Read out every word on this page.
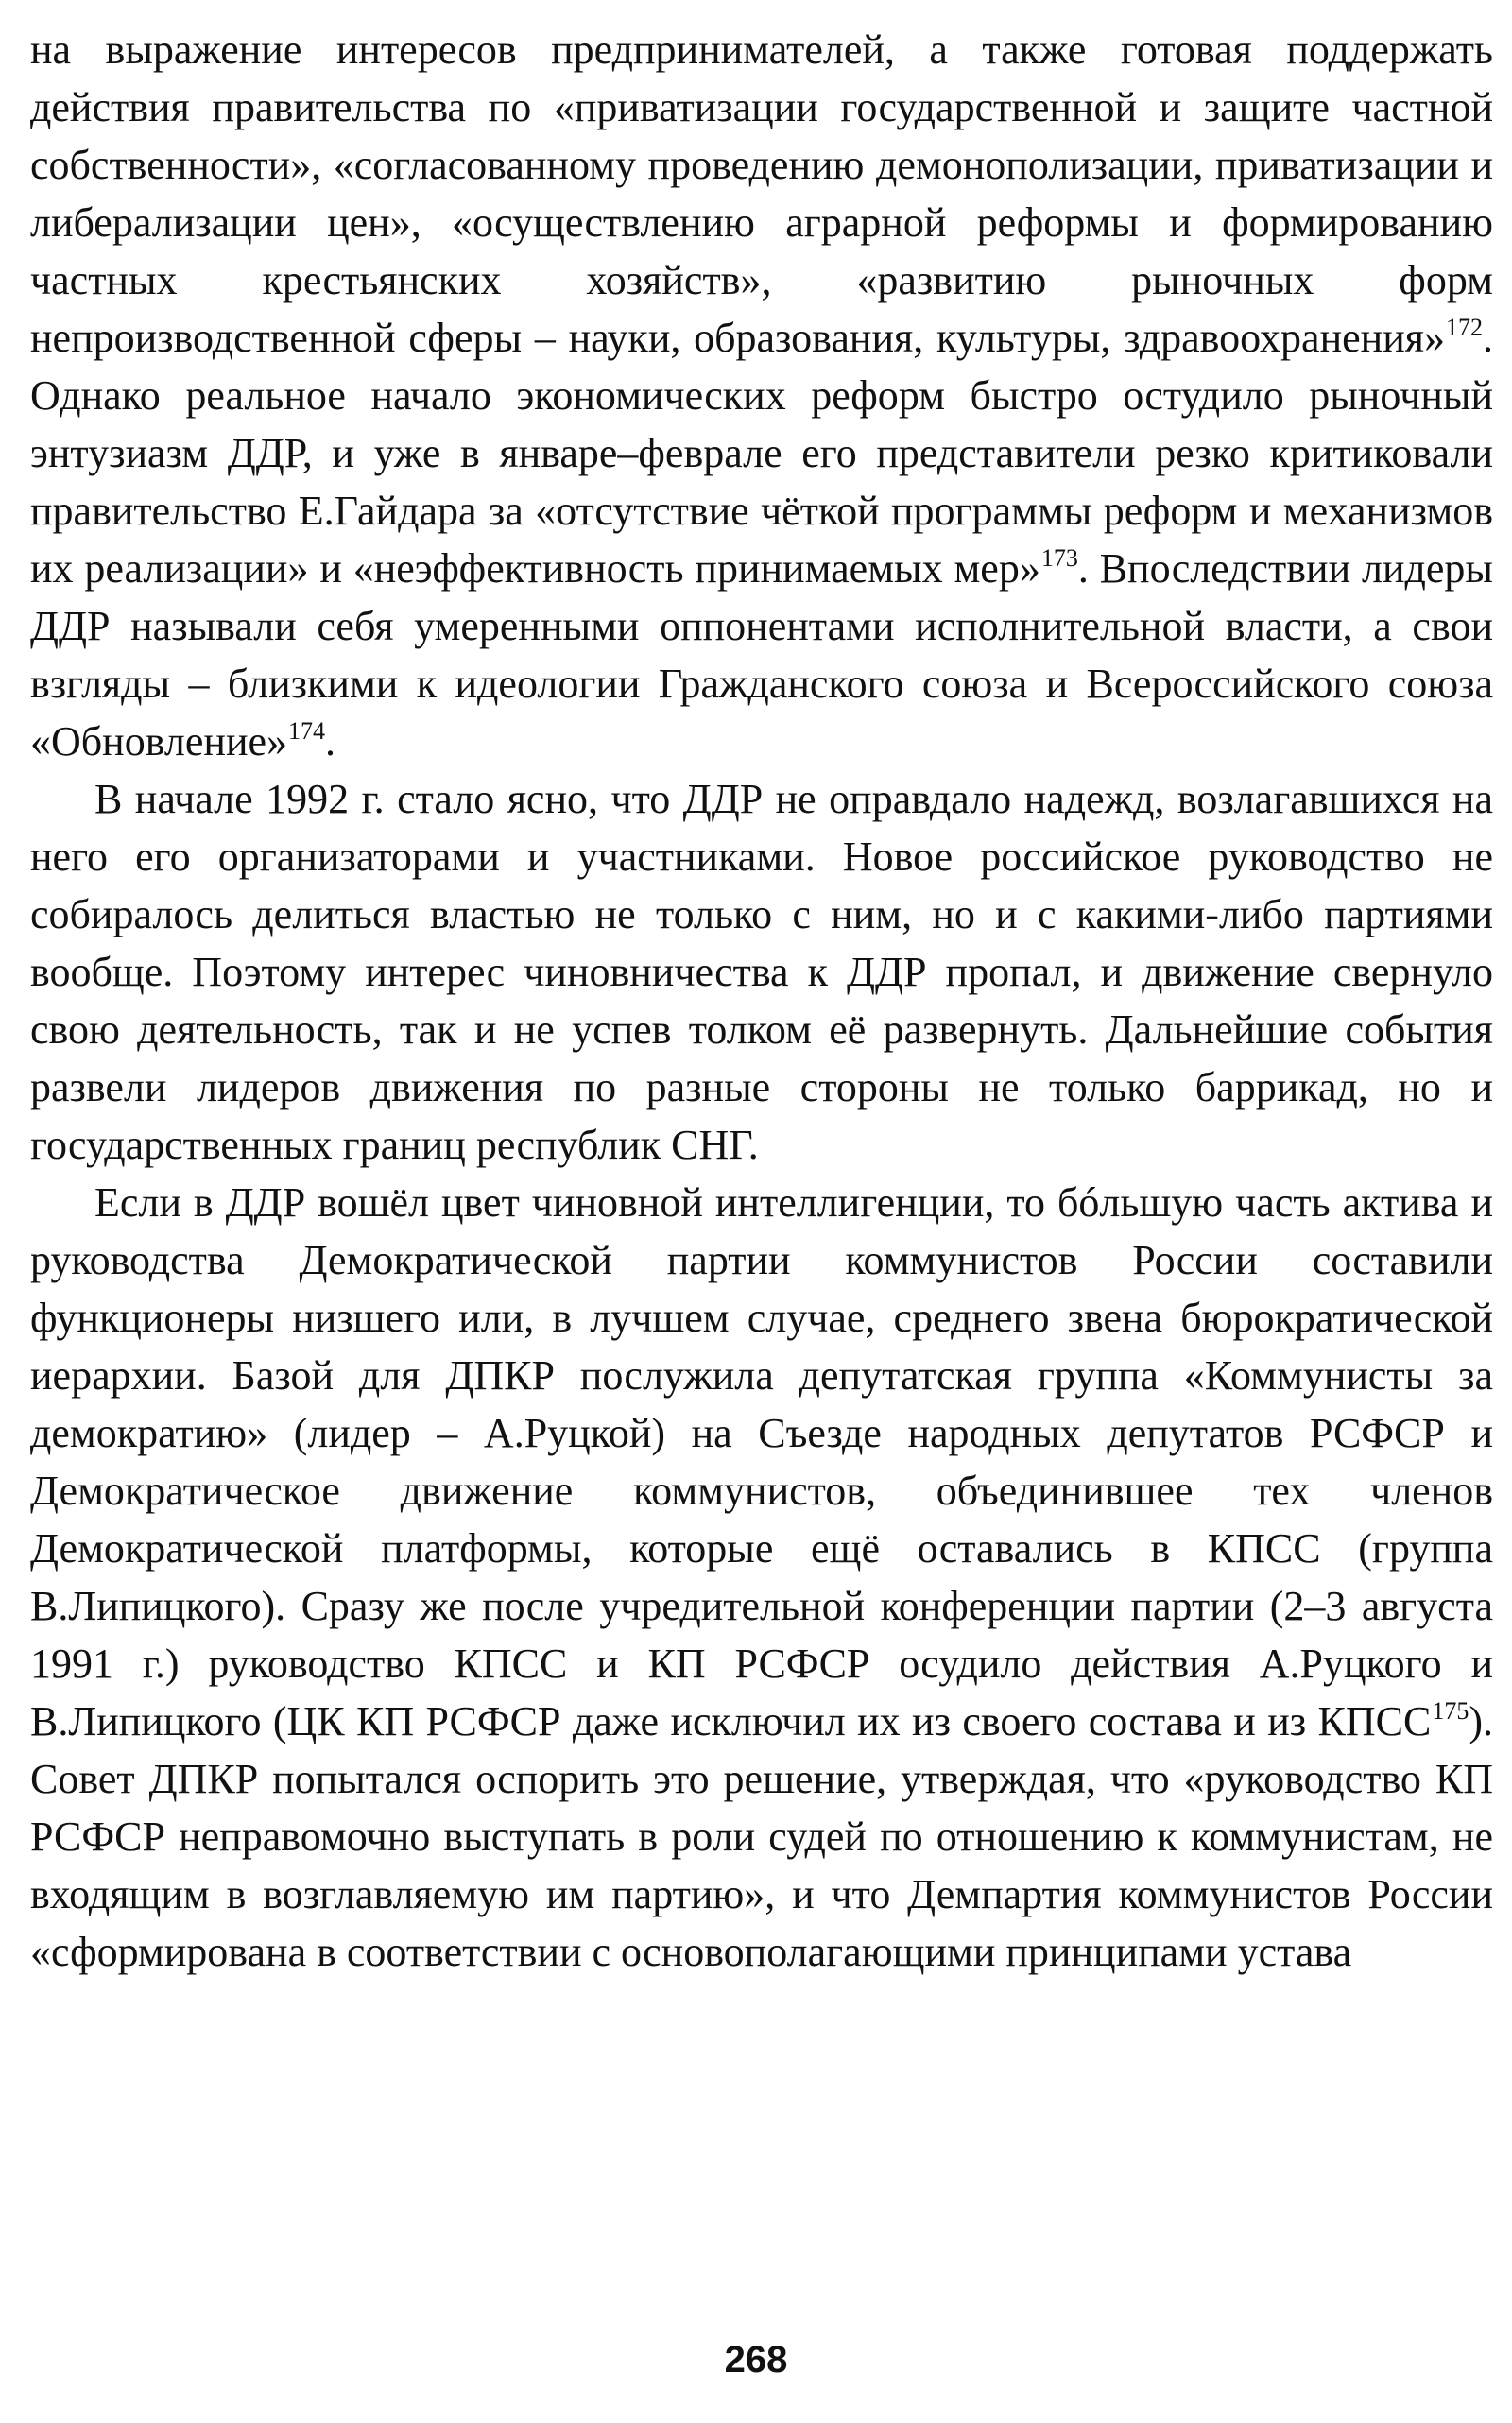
на выражение интересов предпринимателей, а также готовая поддержать действия правительства по «приватизации государственной и защите частной собственности», «согласованному проведению демонополизации, приватизации и либерализации цен», «осуществлению аграрной реформы и формированию частных крестьянских хозяйств», «развитию рыночных форм непроизводственной сферы – науки, образования, культуры, здравоохранения»$^{172}$. Однако реальное начало экономических реформ быстро остудило рыночный энтузиазм ДДР, и уже в январе–феврале его представители резко критиковали правительство Е.Гайдара за «отсутствие чёткой программы реформ и механизмов их реализации» и «неэффективность принимаемых мер»$^{173}$. Впоследствии лидеры ДДР называли себя умеренными оппонентами исполнительной власти, а свои взгляды – близкими к идеологии Гражданского союза и Всероссийского союза «Обновление»$^{174}$.

В начале 1992 г. стало ясно, что ДДР не оправдало надежд, возлагавшихся на него его организаторами и участниками. Новое российское руководство не собиралось делиться властью не только с ним, но и с какими-либо партиями вообще. Поэтому интерес чиновничества к ДДР пропал, и движение свернуло свою деятельность, так и не успев толком её развернуть. Дальнейшие события развели лидеров движения по разные стороны не только баррикад, но и государственных границ республик СНГ.

Если в ДДР вошёл цвет чиновной интеллигенции, то бóльшую часть актива и руководства Демократической партии коммунистов России составили функционеры низшего или, в лучшем случае, среднего звена бюрократической иерархии. Базой для ДПКР послужила депутатская группа «Коммунисты за демократию» (лидер – А.Руцкой) на Съезде народных депутатов РСФСР и Демократическое движение коммунистов, объединившее тех членов Демократической платформы, которые ещё оставались в КПСС (группа В.Липицкого). Сразу же после учредительной конференции партии (2–3 августа 1991 г.) руководство КПСС и КП РСФСР осудило действия А.Руцкого и В.Липицкого (ЦК КП РСФСР даже исключил их из своего состава и из КПСС$^{175}$). Совет ДПКР попытался оспорить это решение, утверждая, что «руководство КП РСФСР неправомочно выступать в роли судей по отношению к коммунистам, не входящим в возглавляемую им партию», и что Демпартия коммунистов России «сформирована в соответствии с основополагающими принципами устава

268
